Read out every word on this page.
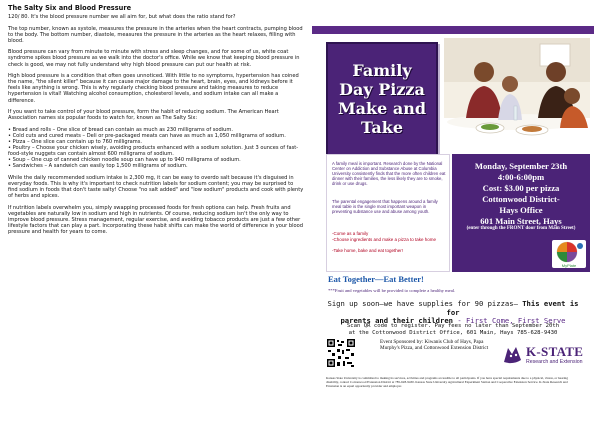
The Salty Six and Blood Pressure

120/ 80. It's the blood pressure number we all aim for, but what does the ratio stand for?

The top number, known as systole, measures the pressure in the arteries when the heart contracts, pumping blood to the body. The bottom number, diastole, measures the pressure in the arteries as the heart relaxes, filling with blood.

Blood pressure can vary from minute to minute with stress and sleep changes, and for some of us, white coat syndrome spikes blood pressure as we walk into the doctor's office. While we know that keeping blood pressure in check is good, we may not fully understand why high blood pressure can put our health at risk.

High blood pressure is a condition that often goes unnoticed. With little to no symptoms, hypertension has coined the name, "the silent killer" because it can cause major damage to the heart, brain, eyes, and kidneys before it feels like anything is wrong. This is why regularly checking blood pressure and taking measures to reduce hypertension is vital! Watching alcohol consumption, cholesterol levels, and sodium intake can all make a difference.

If you want to take control of your blood pressure, form the habit of reducing sodium. The American Heart Association names six popular foods to watch for, known as The Salty Six:

• Bread and rolls – One slice of bread can contain as much as 230 milligrams of sodium.
• Cold cuts and cured meats – Deli or pre-packaged meats can have as much as 1,050 milligrams of sodium.
• Pizza – One slice can contain up to 760 milligrams.
• Poultry – Choose your chicken wisely, avoiding products enhanced with a sodium solution. Just 3 ounces of fast-food-style nuggets can contain almost 600 milligrams of sodium.
• Soup – One cup of canned chicken noodle soup can have up to 940 milligrams of sodium.
• Sandwiches – A sandwich can easily top 1,500 milligrams of sodium.

While the daily recommended sodium intake is 2,300 mg, it can be easy to overdo salt because it's disguised in everyday foods. This is why it's important to check nutrition labels for sodium content; you may be surprised to find sodium in foods that don't taste salty! Choose "no salt added" and "low sodium" products and cook with plenty of herbs and spices.

If nutrition labels overwhelm you, simply swapping processed foods for fresh options can help. Fresh fruits and vegetables are naturally low in sodium and high in nutrients. Of course, reducing sodium isn't the only way to improve blood pressure. Stress management, regular exercise, and avoiding tobacco products are just a few other lifestyle factors that can play a part. Incorporating these habit shifts can make the world of difference in your blood pressure and health for years to come.

Family
Day Pizza
Make and
Take

A family meal is important. Research done by the National Center on Addiction and Substance Abuse at Columbia University consistently finds that the more often children eat dinner with their families, the less likely they are to smoke, drink or use drugs.

The parental engagement that happens around a family meal table is the single most important weapon in preventing substance use and abuse among youth.

-Come as a family
-Choose ingredients and make a pizza to take home
-Take home, bake and eat together!
Monday, September 23th
4:00-6:00pm
Cost: $3.00 per pizza
Cottonwood District-
Hays Office
601 Main Street, Hays
(enter through the FRONT door from Main Street)
MyPlate
Eat Together—Eat Better!
***Fruit and vegetables will be provided to complete a healthy meal.
Sign up soon—we have supplies for 90 pizzas— This event is for
parents and their children - First Come, First Serve
Scan QR code to register. Pay fees no later than September 20th
at the Cottonwood District Office, 601 Main, Hays 785-628-9430
Event Sponsored by: Kiwanis Club of Hays, Papa Murphy's Pizza, and Cottonwood Extension District	K-STATE
Research and Extension
Kansas State University is committed to making its services, activities and programs accessible to all participants. If you have special requirements due to a physical, vision, or hearing disability, contact Cottonwood Extension District at 785-628-9430. Kansas State University Agricultural Experiment Station and Cooperative Extension Service. K-State Research and Extension is an equal opportunity provider and employer.
